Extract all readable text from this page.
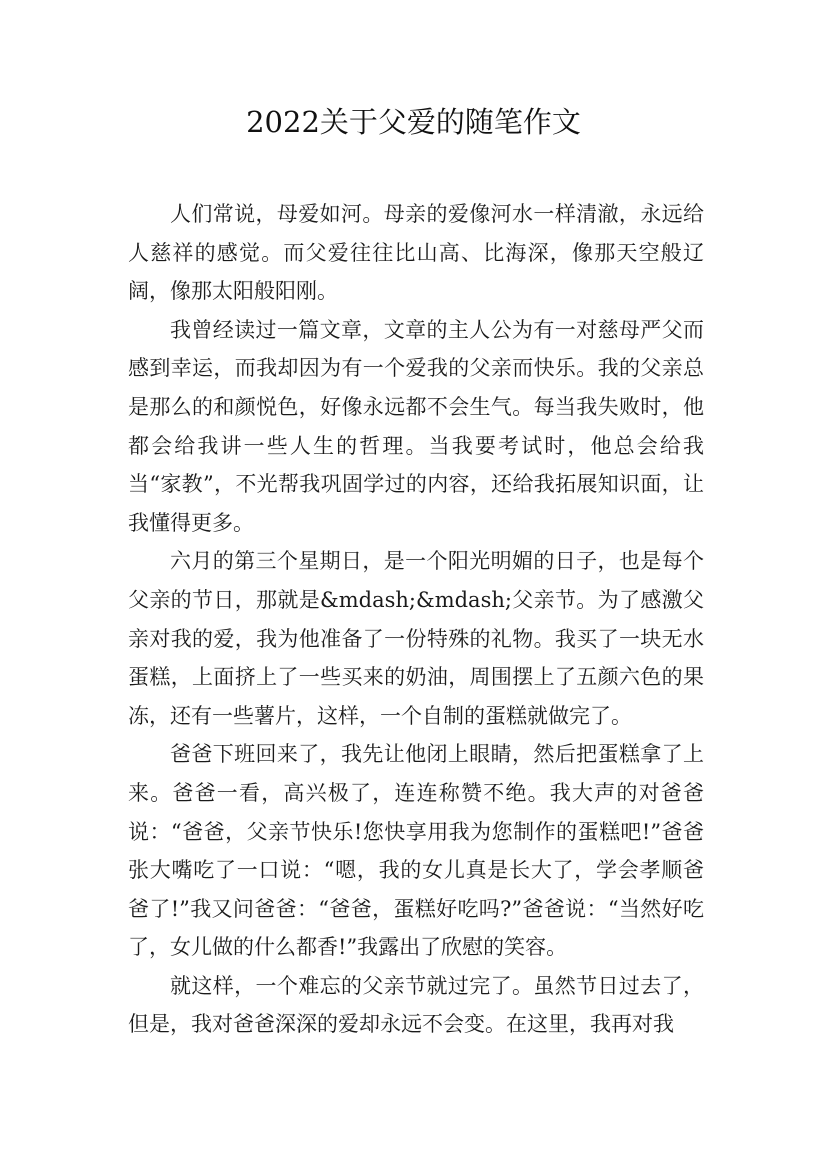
2022关于父爱的随笔作文

人们常说，母爱如河。母亲的爱像河水一样清澈，永远给人慈祥的感觉。而父爱往往比山高、比海深，像那天空般辽阔，像那太阳般阳刚。

我曾经读过一篇文章，文章的主人公为有一对慈母严父而感到幸运，而我却因为有一个爱我的父亲而快乐。我的父亲总是那么的和颜悦色，好像永远都不会生气。每当我失败时，他都会给我讲一些人生的哲理。当我要考试时，他总会给我当“家教”，不光帮我巩固学过的内容，还给我拓展知识面，让我懂得更多。

六月的第三个星期日，是一个阳光明媚的日子，也是每个父亲的节日，那就是&mdash;&mdash;父亲节。为了感激父亲对我的爱，我为他准备了一份特殊的礼物。我买了一块无水蛋糕，上面挤上了一些买来的奶油，周围摆上了五颜六色的果冻，还有一些薯片，这样，一个自制的蛋糕就做完了。

爸爸下班回来了，我先让他闭上眼睛，然后把蛋糕拿了上来。爸爸一看，高兴极了，连连称赞不绝。我大声的对爸爸说：“爸爸，父亲节快乐!您快享用我为您制作的蛋糕吧!”爸爸张大嘴吃了一口说：“嗯，我的女儿真是长大了，学会孝顺爸爸了!”我又问爸爸：“爸爸，蛋糕好吃吗?”爸爸说：“当然好吃了，女儿做的什么都香!”我露出了欣慰的笑容。

就这样，一个难忘的父亲节就过完了。虽然节日过去了，但是，我对爸爸深深的爱却永远不会变。在这里，我再对我
